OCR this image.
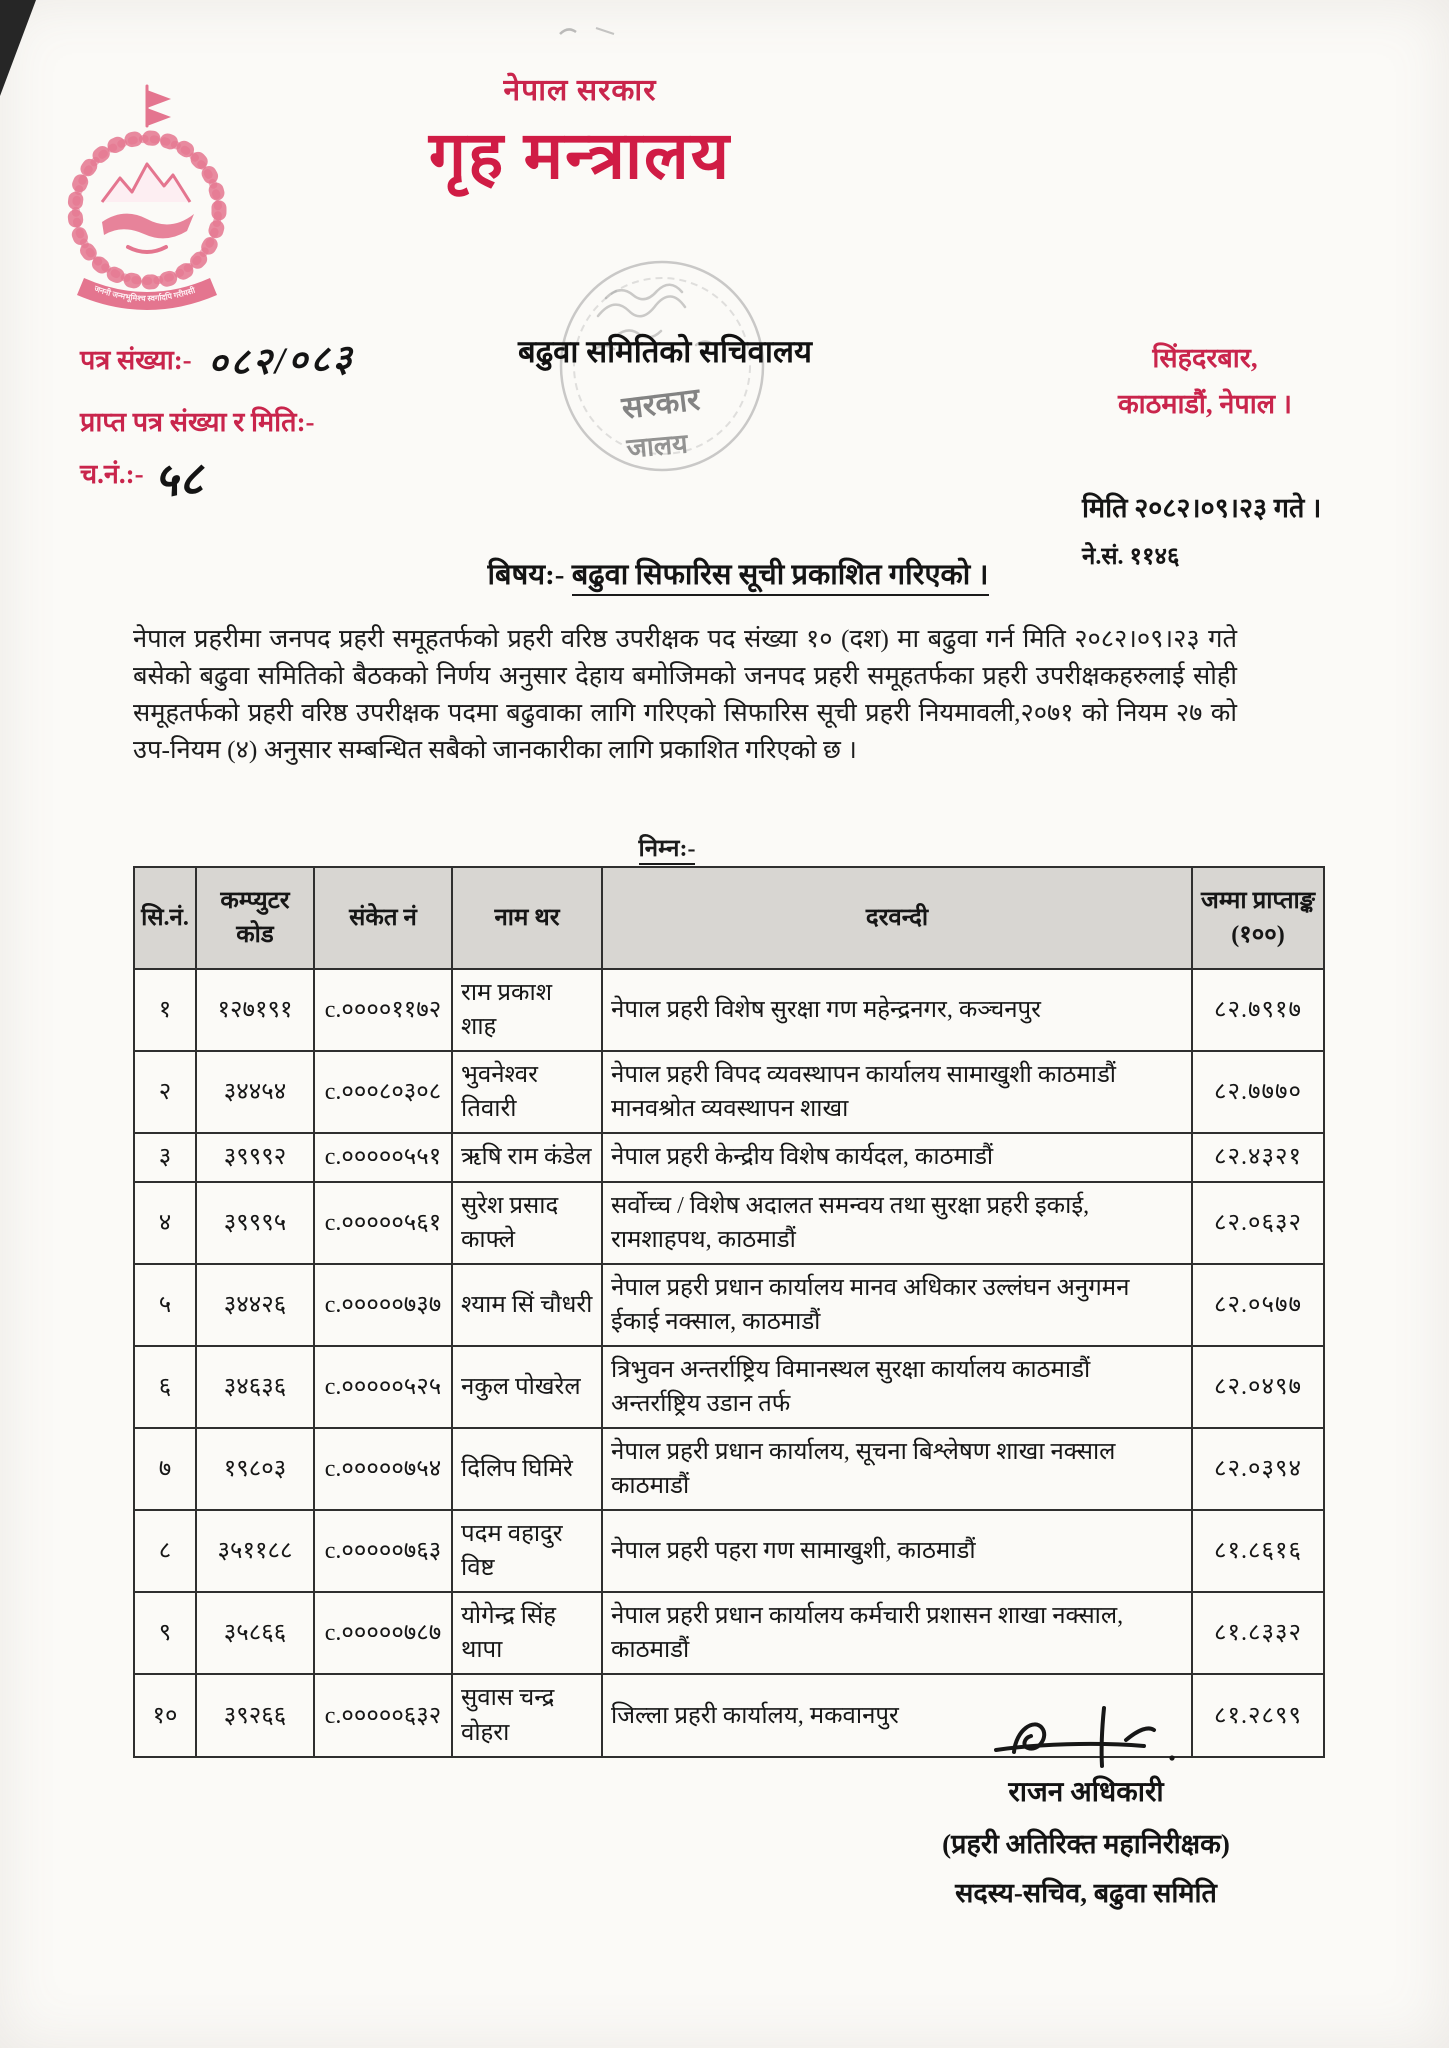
जननी जन्मभूमिश्च स्वर्गादपि गरीयसी
नेपाल सरकार
गृह मन्त्रालय
सरकार
जालय
बढुवा समितिको सचिवालय	सिंहदरबार,
काठमाडौं, नेपाल ।
पत्र संख्या:- ०८२/०८३
प्राप्त पत्र संख्या र मिति:-
च.नं.:- ५८
मिति २०८२।०९।२३ गते ।
ने.सं. ११४६
बिषय:- बढुवा सिफारिस सूची प्रकाशित गरिएको ।
नेपाल प्रहरीमा जनपद प्रहरी समूहतर्फको प्रहरी वरिष्ठ उपरीक्षक पद संख्या १० (दश) मा बढुवा गर्न मिति २०८२।०९।२३ गते बसेको बढुवा समितिको बैठकको निर्णय अनुसार देहाय बमोजिमको जनपद प्रहरी समूहतर्फका प्रहरी उपरीक्षकहरुलाई सोही समूहतर्फको प्रहरी वरिष्ठ उपरीक्षक पदमा बढुवाका लागि गरिएको सिफारिस सूची प्रहरी नियमावली,२०७१ को नियम २७ को उप-नियम (४) अनुसार सम्बन्धित सबैको जानकारीका लागि प्रकाशित गरिएको छ ।
निम्न:-
सि.नं.	कम्प्युटर कोड	संकेत नं	नाम थर	दरवन्दी	जम्मा प्राप्ताङ्क (१००)
१	१२७१९१	c.००००११७२	राम प्रकाश शाह	नेपाल प्रहरी विशेष सुरक्षा गण महेन्द्रनगर, कञ्चनपुर	८२.७९१७
२	३४४५४	c.०००८०३०८	भुवनेश्वर तिवारी	नेपाल प्रहरी विपद व्यवस्थापन कार्यालय सामाखुशी काठमाडौं मानवश्रोत व्यवस्थापन शाखा	८२.७७७०
३	३९९९२	c.०००००५५१	ऋषि राम कंडेल	नेपाल प्रहरी केन्द्रीय विशेष कार्यदल, काठमाडौं	८२.४३२१
४	३९९९५	c.०००००५६१	सुरेश प्रसाद काफ्ले	सर्वोच्च / विशेष अदालत समन्वय तथा सुरक्षा प्रहरी इकाई, रामशाहपथ, काठमाडौं	८२.०६३२
५	३४४२६	c.०००००७३७	श्याम सिं चौधरी	नेपाल प्रहरी प्रधान कार्यालय मानव अधिकार उल्लंघन अनुगमन ईकाई नक्साल, काठमाडौं	८२.०५७७
६	३४६३६	c.०००००५२५	नकुल पोखरेल	त्रिभुवन अन्तर्राष्ट्रिय विमानस्थल सुरक्षा कार्यालय काठमाडौं अन्तर्राष्ट्रिय उडान तर्फ	८२.०४९७
७	१९८०३	c.०००००७५४	दिलिप घिमिरे	नेपाल प्रहरी प्रधान कार्यालय, सूचना बिश्लेषण शाखा नक्साल काठमाडौं	८२.०३९४
८	३५११८८	c.०००००७६३	पदम वहादुर विष्ट	नेपाल प्रहरी पहरा गण सामाखुशी, काठमाडौं	८१.८६१६
९	३५८६६	c.०००००७८७	योगेन्द्र सिंह थापा	नेपाल प्रहरी प्रधान कार्यालय कर्मचारी प्रशासन शाखा नक्साल, काठमाडौं	८१.८३३२
१०	३९२६६	c.०००००६३२	सुवास चन्द्र वोहरा	जिल्ला प्रहरी कार्यालय, मकवानपुर	८१.२८९९
राजन अधिकारी
(प्रहरी अतिरिक्त महानिरीक्षक)
सदस्य-सचिव, बढुवा समिति
